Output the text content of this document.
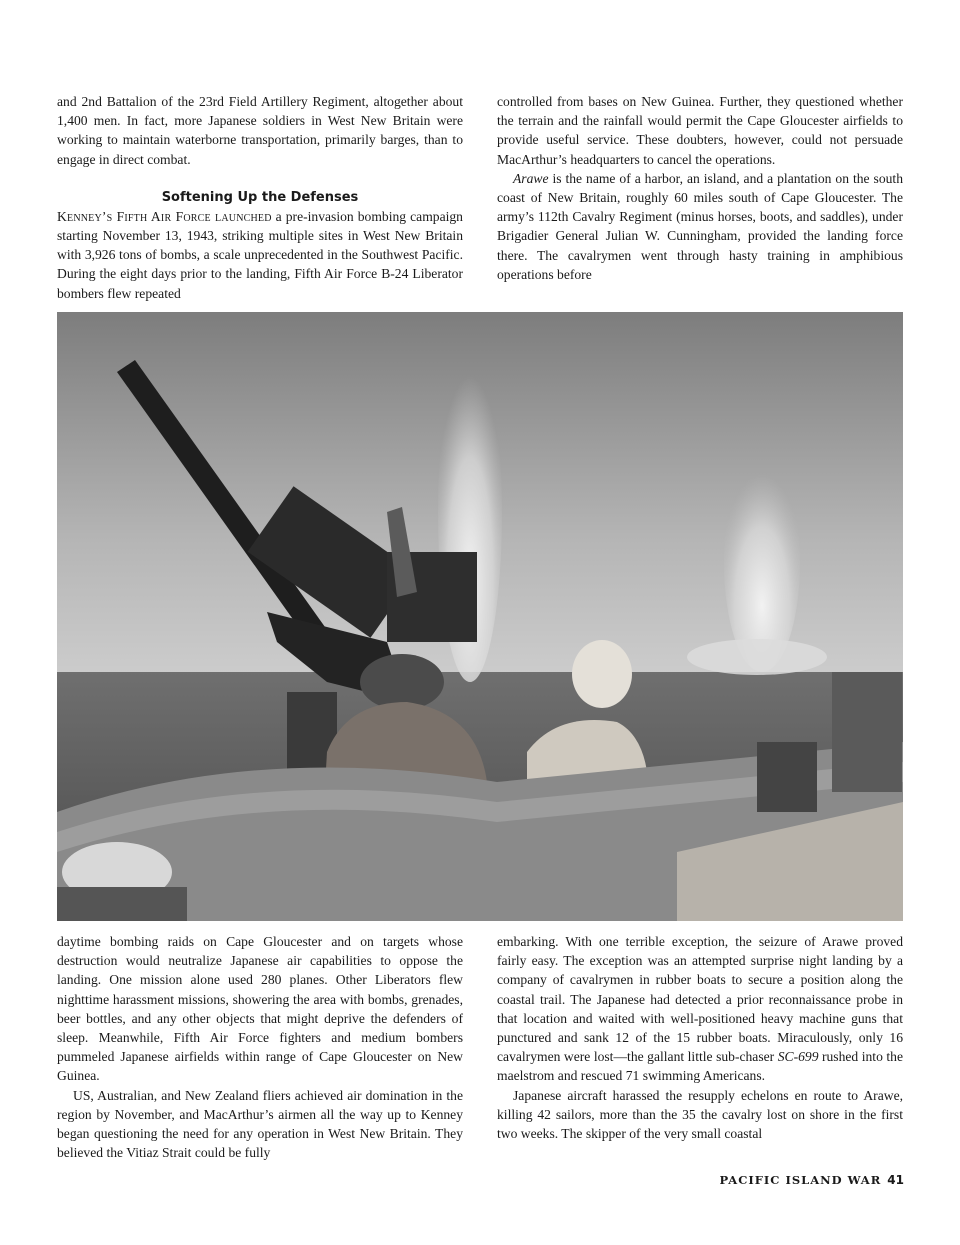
and 2nd Battalion of the 23rd Field Artillery Regiment, altogether about 1,400 men. In fact, more Japanese soldiers in West New Britain were working to maintain waterborne transportation, primarily barges, than to engage in direct combat.

Softening Up the Defenses

Kenney’s Fifth Air Force launched a pre-invasion bombing campaign starting November 13, 1943, striking multiple sites in West New Britain with 3,926 tons of bombs, a scale unprecedented in the Southwest Pacific. During the eight days prior to the landing, Fifth Air Force B-24 Liberator bombers flew repeated

controlled from bases on New Guinea. Further, they questioned whether the terrain and the rainfall would permit the Cape Gloucester airfields to provide useful service. These doubters, however, could not persuade MacArthur’s headquarters to cancel the operations.

Arawe is the name of a harbor, an island, and a plantation on the south coast of New Britain, roughly 60 miles south of Cape Gloucester. The army’s 112th Cavalry Regiment (minus horses, boots, and saddles), under Brigadier General Julian W. Cunningham, provided the landing force there. The cavalrymen went through hasty training in amphibious operations before

daytime bombing raids on Cape Gloucester and on targets whose destruction would neutralize Japanese air capabilities to oppose the landing. One mission alone used 280 planes. Other Liberators flew nighttime harassment missions, showering the area with bombs, grenades, beer bottles, and any other objects that might deprive the defenders of sleep. Meanwhile, Fifth Air Force fighters and medium bombers pummeled Japanese airfields within range of Cape Gloucester on New Guinea.

US, Australian, and New Zealand fliers achieved air domination in the region by November, and MacArthur’s airmen all the way up to Kenney began questioning the need for any operation in West New Britain. They believed the Vitiaz Strait could be fully

embarking. With one terrible exception, the seizure of Arawe proved fairly easy. The exception was an attempted surprise night landing by a company of cavalrymen in rubber boats to secure a position along the coastal trail. The Japanese had detected a prior reconnaissance probe in that location and waited with well-positioned heavy machine guns that punctured and sank 12 of the 15 rubber boats. Miraculously, only 16 cavalrymen were lost—the gallant little sub-chaser SC-699 rushed into the maelstrom and rescued 71 swimming Americans.

Japanese aircraft harassed the resupply echelons en route to Arawe, killing 42 sailors, more than the 35 the cavalry lost on shore in the first two weeks. The skipper of the very small coastal

PACIFIC ISLAND WAR 41
